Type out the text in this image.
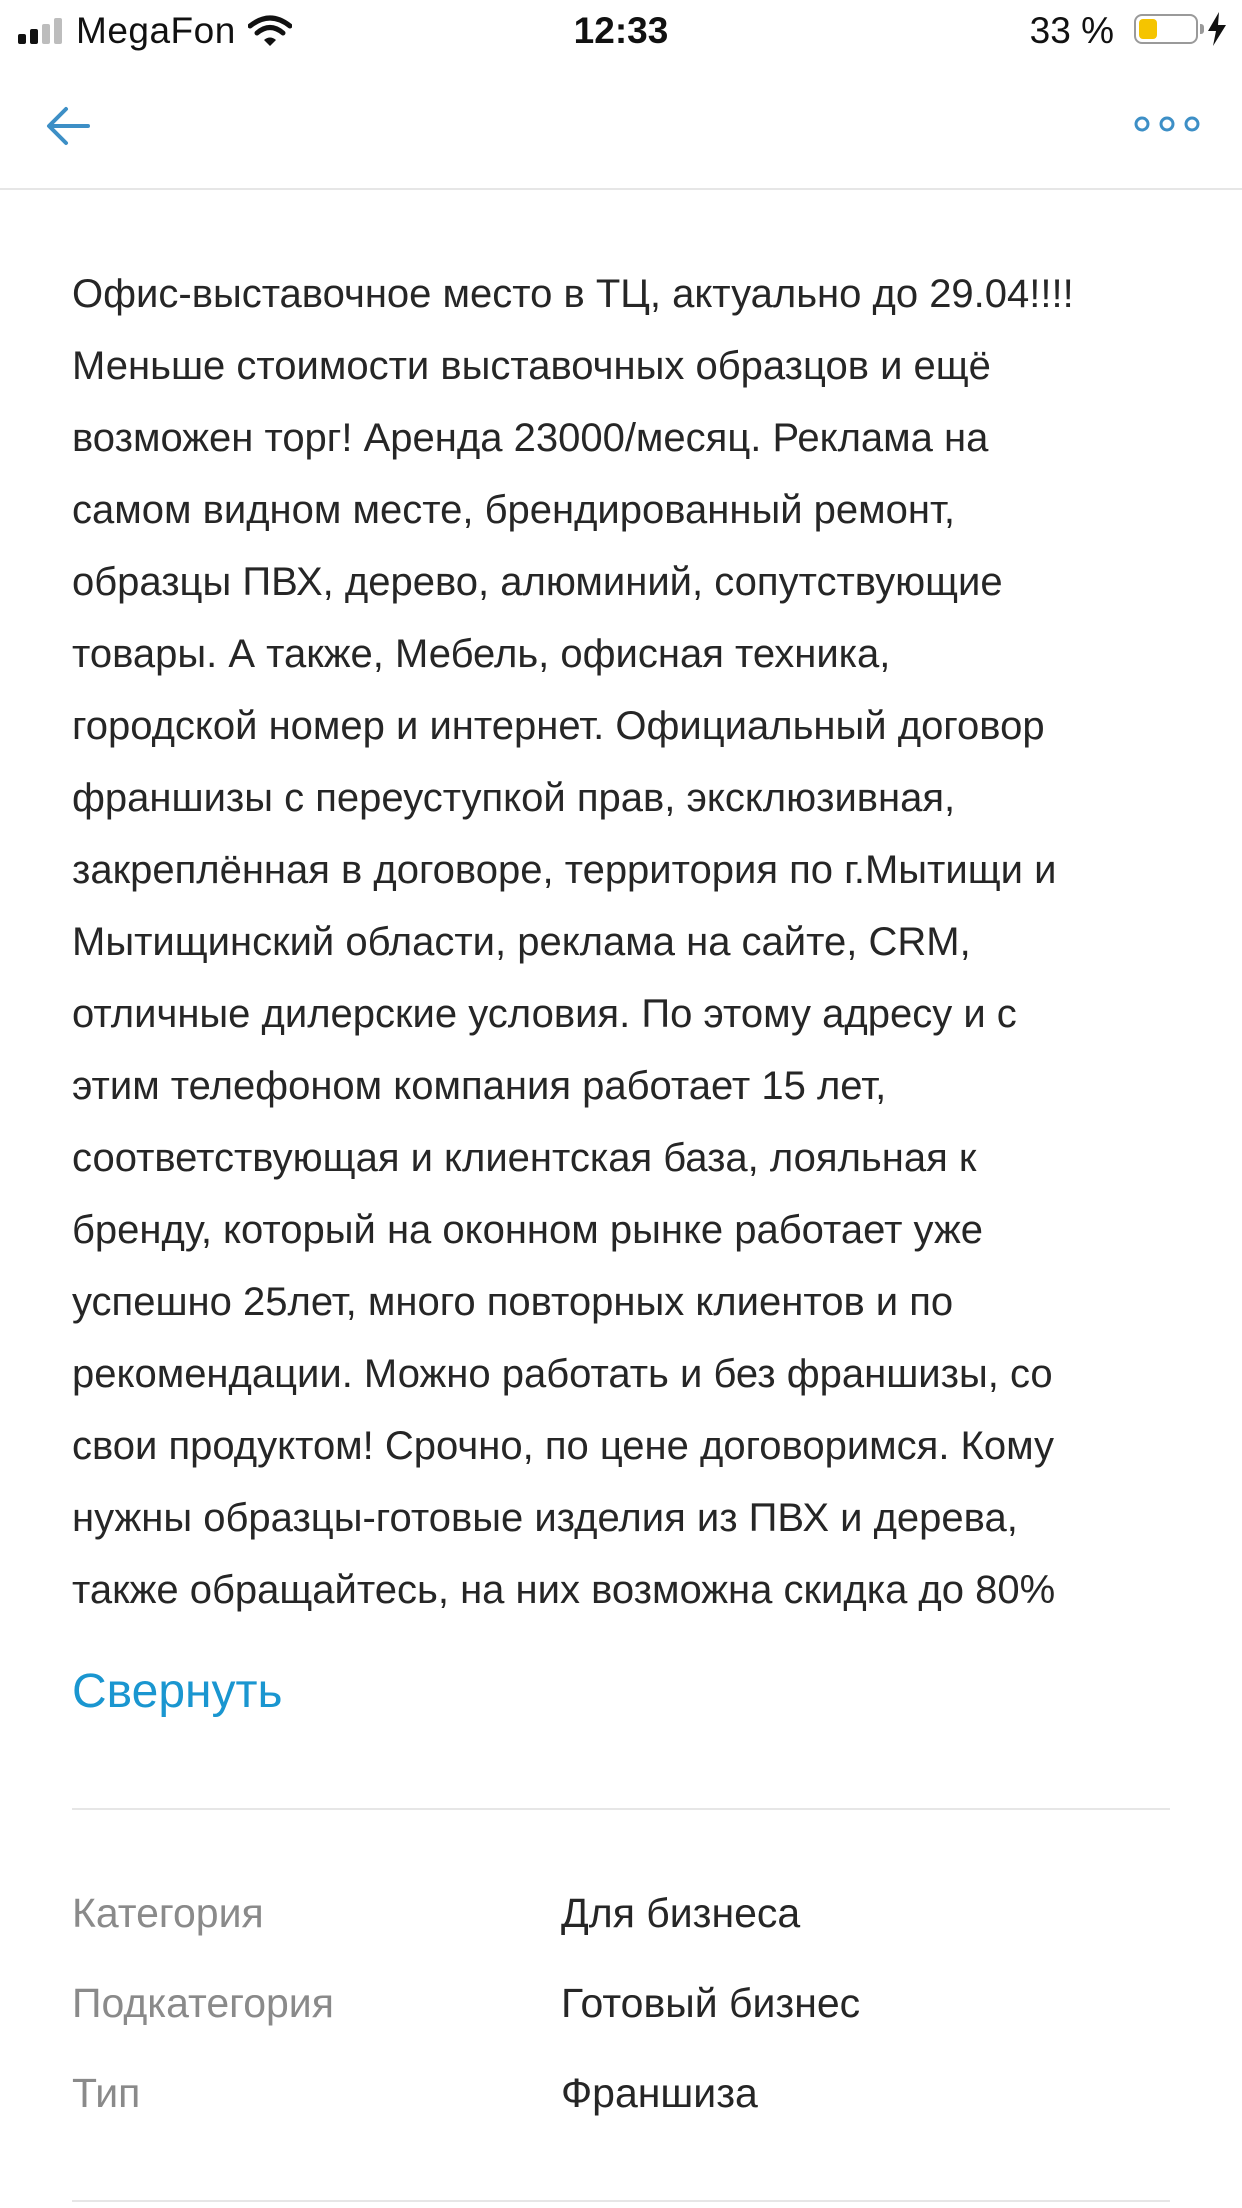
MegaFon	12:33	33 %
Офис-выставочное место в ТЦ, актуально до 29.04!!!!
Меньше стоимости выставочных образцов и ещё
возможен торг! Аренда 23000/месяц. Реклама на
самом видном месте, брендированный ремонт,
образцы ПВХ, дерево, алюминий, сопутствующие
товары. А также, Мебель, офисная техника,
городской номер и интернет. Официальный договор
франшизы с переуступкой прав, эксклюзивная,
закреплённая в договоре, территория по г.Мытищи и
Мытищинский области, реклама на сайте, CRM,
отличные дилерские условия. По этому адресу и с
этим телефоном компания работает 15 лет,
соответствующая и клиентская база, лояльная к
бренду, который на оконном рынке работает уже
успешно 25лет, много повторных клиентов и по
рекомендации. Можно работать и без франшизы, со
свои продуктом! Срочно, по цене договоримся. Кому
нужны образцы-готовые изделия из ПВХ и дерева,
также обращайтесь, на них возможна скидка до 80%
Свернуть
Категория	Для бизнеса
Подкатегория	Готовый бизнес
Тип	Франшиза
